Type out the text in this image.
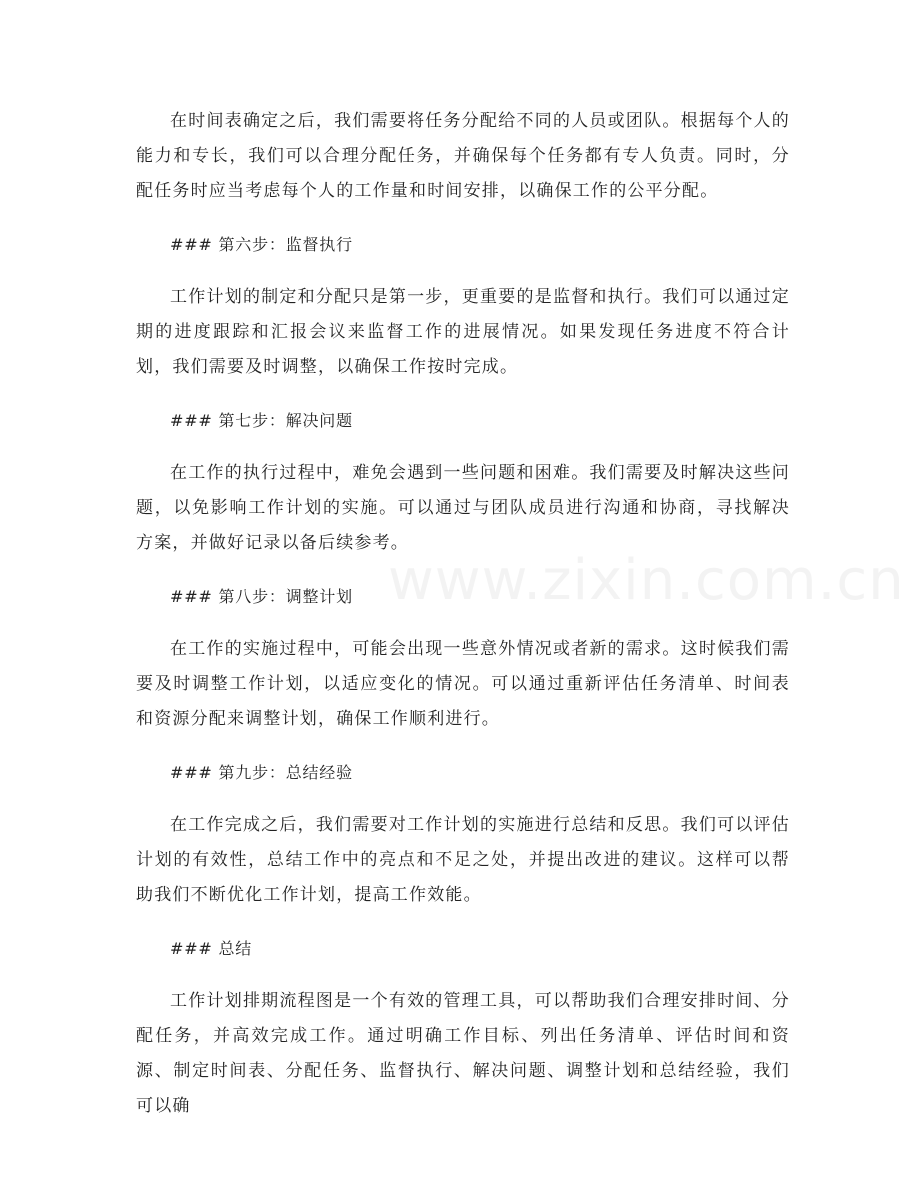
在时间表确定之后，我们需要将任务分配给不同的人员或团队。根据每个人的能力和专长，我们可以合理分配任务，并确保每个任务都有专人负责。同时，分配任务时应当考虑每个人的工作量和时间安排，以确保工作的公平分配。

### 第六步：监督执行

工作计划的制定和分配只是第一步，更重要的是监督和执行。我们可以通过定期的进度跟踪和汇报会议来监督工作的进展情况。如果发现任务进度不符合计划，我们需要及时调整，以确保工作按时完成。

### 第七步：解决问题

在工作的执行过程中，难免会遇到一些问题和困难。我们需要及时解决这些问题，以免影响工作计划的实施。可以通过与团队成员进行沟通和协商，寻找解决方案，并做好记录以备后续参考。

### 第八步：调整计划

在工作的实施过程中，可能会出现一些意外情况或者新的需求。这时候我们需要及时调整工作计划，以适应变化的情况。可以通过重新评估任务清单、时间表和资源分配来调整计划，确保工作顺利进行。

### 第九步：总结经验

在工作完成之后，我们需要对工作计划的实施进行总结和反思。我们可以评估计划的有效性，总结工作中的亮点和不足之处，并提出改进的建议。这样可以帮助我们不断优化工作计划，提高工作效能。

### 总结

工作计划排期流程图是一个有效的管理工具，可以帮助我们合理安排时间、分配任务，并高效完成工作。通过明确工作目标、列出任务清单、评估时间和资源、制定时间表、分配任务、监督执行、解决问题、调整计划和总结经验，我们可以确

www.zixin.com.cn
